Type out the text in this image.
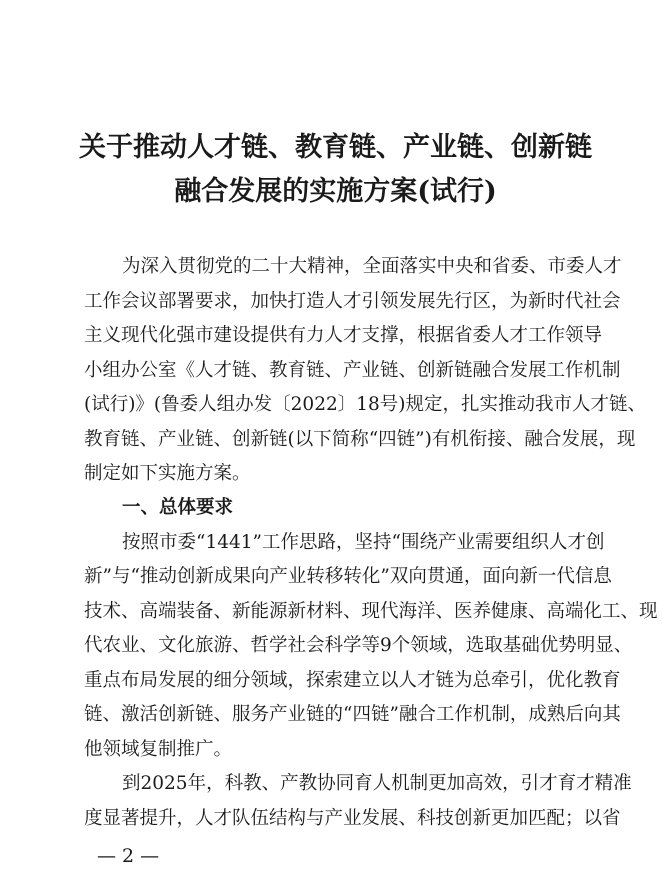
关于推动人才链、教育链、产业链、创新链
融合发展的实施方案(试行)
为深入贯彻党的二十大精神，全面落实中央和省委、市委人才
工作会议部署要求，加快打造人才引领发展先行区，为新时代社会
主义现代化强市建设提供有力人才支撑，根据省委人才工作领导
小组办公室《人才链、教育链、产业链、创新链融合发展工作机制
(试行)》(鲁委人组办发〔2022〕18号)规定，扎实推动我市人才链、
教育链、产业链、创新链(以下简称“四链”)有机衔接、融合发展，现
制定如下实施方案。
一、总体要求
按照市委“1441”工作思路，坚持“围绕产业需要组织人才创
新”与“推动创新成果向产业转移转化”双向贯通，面向新一代信息
技术、高端装备、新能源新材料、现代海洋、医养健康、高端化工、现
代农业、文化旅游、哲学社会科学等9个领域，选取基础优势明显、
重点布局发展的细分领域，探索建立以人才链为总牵引，优化教育
链、激活创新链、服务产业链的“四链”融合工作机制，成熟后向其
他领域复制推广。
到2025年，科教、产教协同育人机制更加高效，引才育才精准
度显著提升，人才队伍结构与产业发展、科技创新更加匹配；以省
— 2 —
